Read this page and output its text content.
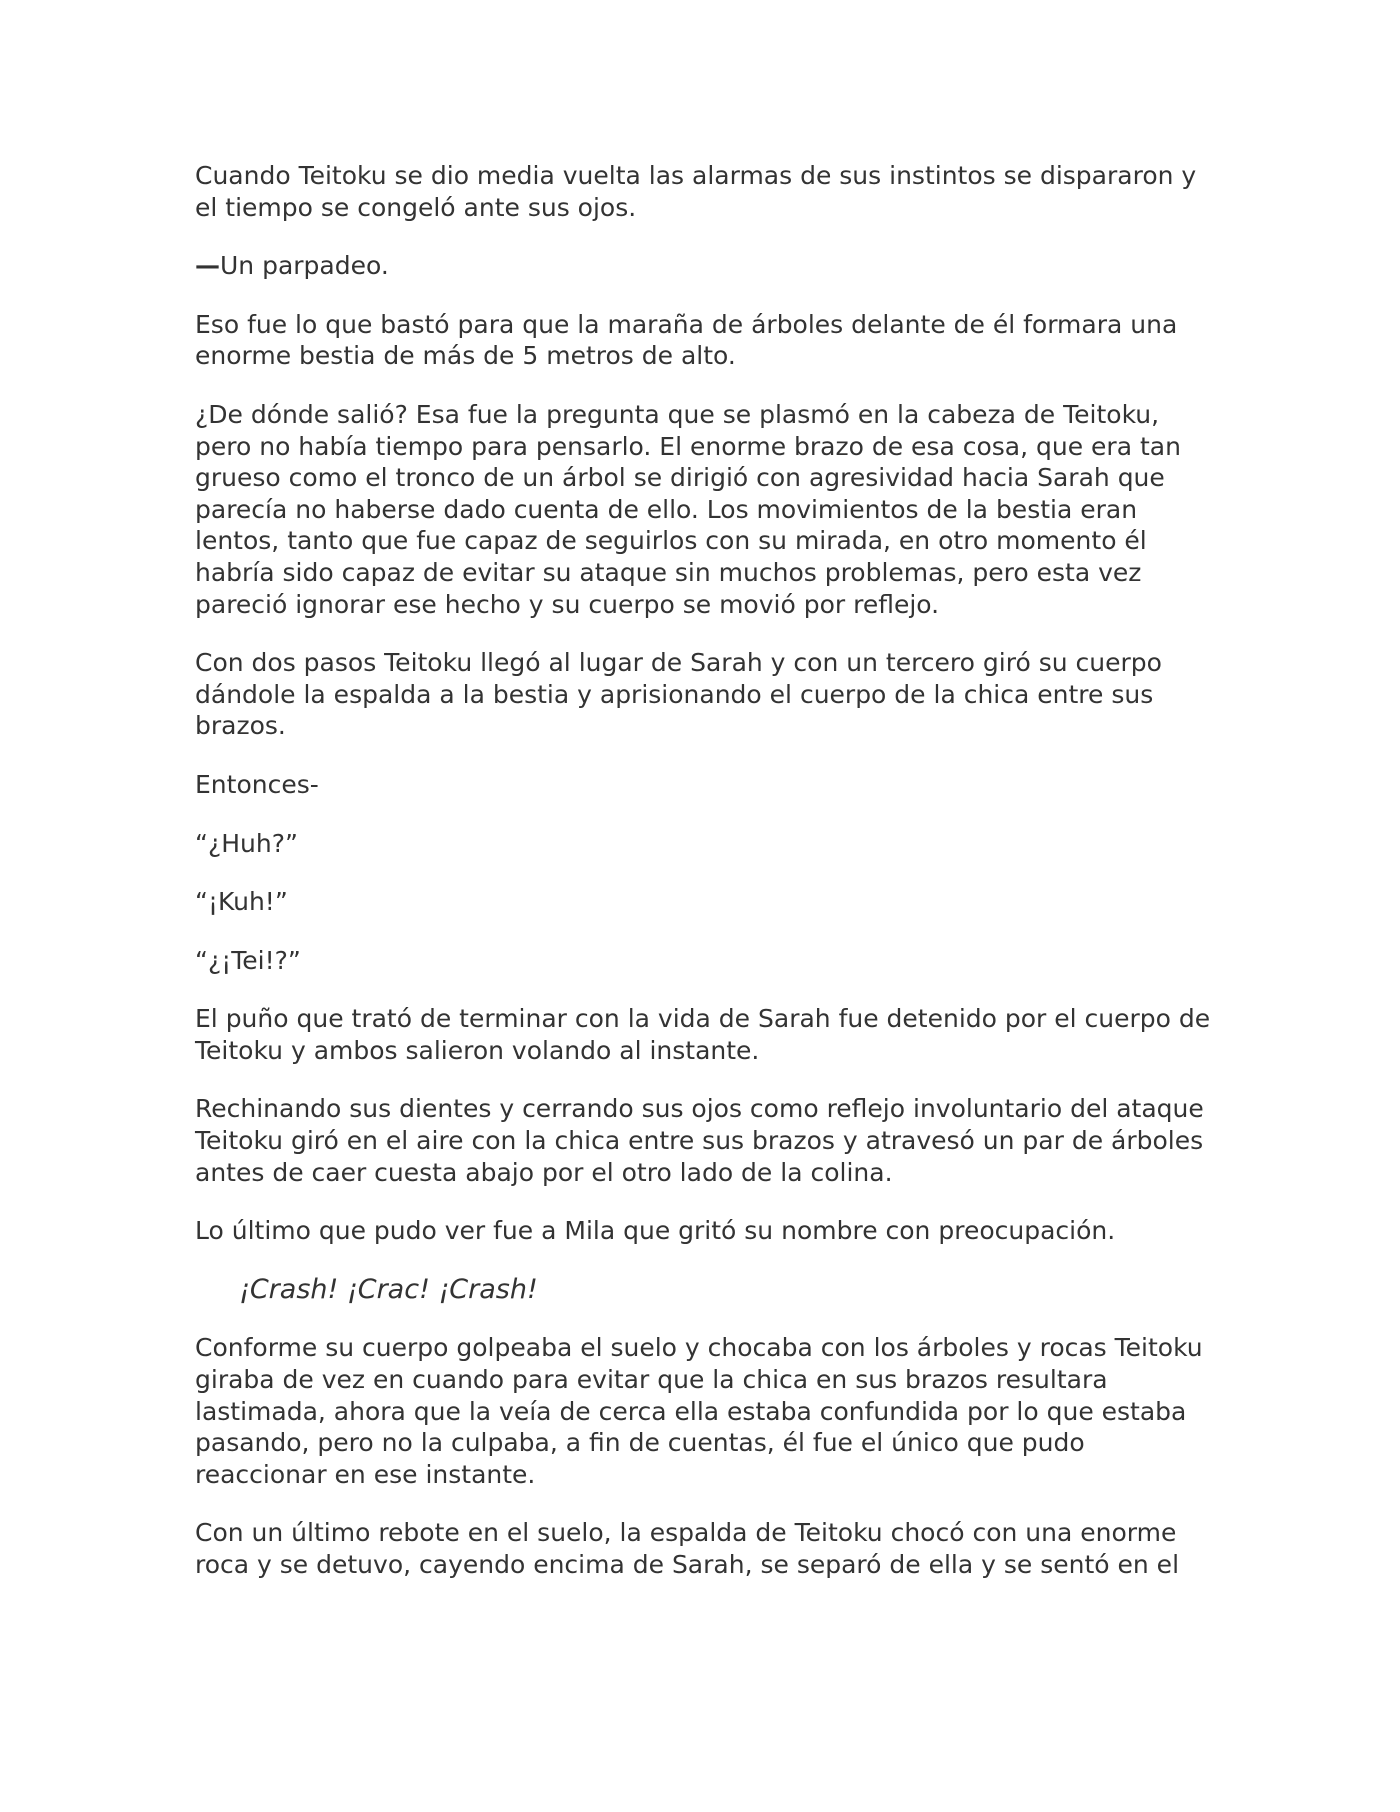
Cuando Teitoku se dio media vuelta las alarmas de sus instintos se dispararon y el tiempo se congeló ante sus ojos.

—Un parpadeo.

Eso fue lo que bastó para que la maraña de árboles delante de él formara una enorme bestia de más de 5 metros de alto.

¿De dónde salió? Esa fue la pregunta que se plasmó en la cabeza de Teitoku, pero no había tiempo para pensarlo. El enorme brazo de esa cosa, que era tan grueso como el tronco de un árbol se dirigió con agresividad hacia Sarah que parecía no haberse dado cuenta de ello. Los movimientos de la bestia eran lentos, tanto que fue capaz de seguirlos con su mirada, en otro momento él habría sido capaz de evitar su ataque sin muchos problemas, pero esta vez pareció ignorar ese hecho y su cuerpo se movió por reflejo.

Con dos pasos Teitoku llegó al lugar de Sarah y con un tercero giró su cuerpo dándole la espalda a la bestia y aprisionando el cuerpo de la chica entre sus brazos.

Entonces-

“¿Huh?”

“¡Kuh!”

“¿¡Tei!?”

El puño que trató de terminar con la vida de Sarah fue detenido por el cuerpo de Teitoku y ambos salieron volando al instante.

Rechinando sus dientes y cerrando sus ojos como reflejo involuntario del ataque Teitoku giró en el aire con la chica entre sus brazos y atravesó un par de árboles antes de caer cuesta abajo por el otro lado de la colina.

Lo último que pudo ver fue a Mila que gritó su nombre con preocupación.

¡Crash! ¡Crac! ¡Crash!

Conforme su cuerpo golpeaba el suelo y chocaba con los árboles y rocas Teitoku giraba de vez en cuando para evitar que la chica en sus brazos resultara lastimada, ahora que la veía de cerca ella estaba confundida por lo que estaba pasando, pero no la culpaba, a fin de cuentas, él fue el único que pudo reaccionar en ese instante.

Con un último rebote en el suelo, la espalda de Teitoku chocó con una enorme roca y se detuvo, cayendo encima de Sarah, se separó de ella y se sentó en el
